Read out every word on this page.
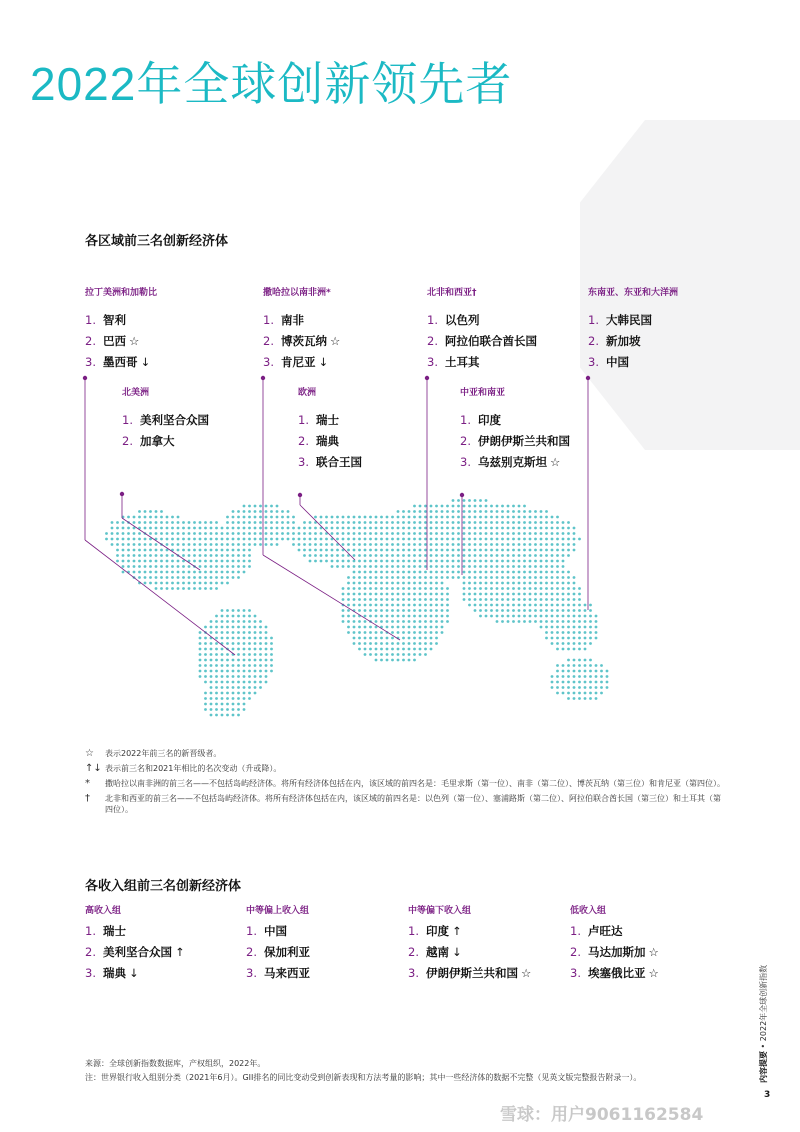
2022年全球创新领先者
各区域前三名创新经济体
拉丁美洲和加勒比
1. 智利
2. 巴西 ☆
3. 墨西哥 ↓
撒哈拉以南非洲*
1. 南非
2. 博茨瓦纳 ☆
3. 肯尼亚 ↓
北非和西亚†
1. 以色列
2. 阿拉伯联合酋长国
3. 土耳其
东南亚、东亚和大洋洲
1. 大韩民国
2. 新加坡
3. 中国
北美洲
1. 美利坚合众国
2. 加拿大
欧洲
1. 瑞士
2. 瑞典
3. 联合王国
中亚和南亚
1. 印度
2. 伊朗伊斯兰共和国
3. 乌兹别克斯坦 ☆
☆	表示2022年前三名的新晋级者。
↑↓ 表示前三名和2021年相比的名次变动（升或降）。
*	撒哈拉以南非洲的前三名——不包括岛屿经济体。将所有经济体包括在内，该区域的前四名是：毛里求斯（第一位）、南非（第二位）、博茨瓦纳（第三位）和肯尼亚（第四位）。
†	北非和西亚的前三名——不包括岛屿经济体。将所有经济体包括在内，该区域的前四名是：以色列（第一位）、塞浦路斯（第二位）、阿拉伯联合酋长国（第三位）和土耳其（第四位）。
各收入组前三名创新经济体
高收入组
1. 瑞士
2. 美利坚合众国 ↑
3. 瑞典 ↓
中等偏上收入组
1. 中国
2. 保加利亚
3. 马来西亚
中等偏下收入组
1. 印度 ↑
2. 越南 ↓
3. 伊朗伊斯兰共和国 ☆
低收入组
1. 卢旺达
2. 马达加斯加 ☆
3. 埃塞俄比亚 ☆
来源：全球创新指数数据库，产权组织，2022年。
注：世界银行收入组别分类（2021年6月）。GII排名的同比变动受到创新表现和方法考量的影响；其中一些经济体的数据不完整（见英文版完整报告附录一）。	内容提要 • 2022年全球创新指数
3
雪球：用户9061162584
